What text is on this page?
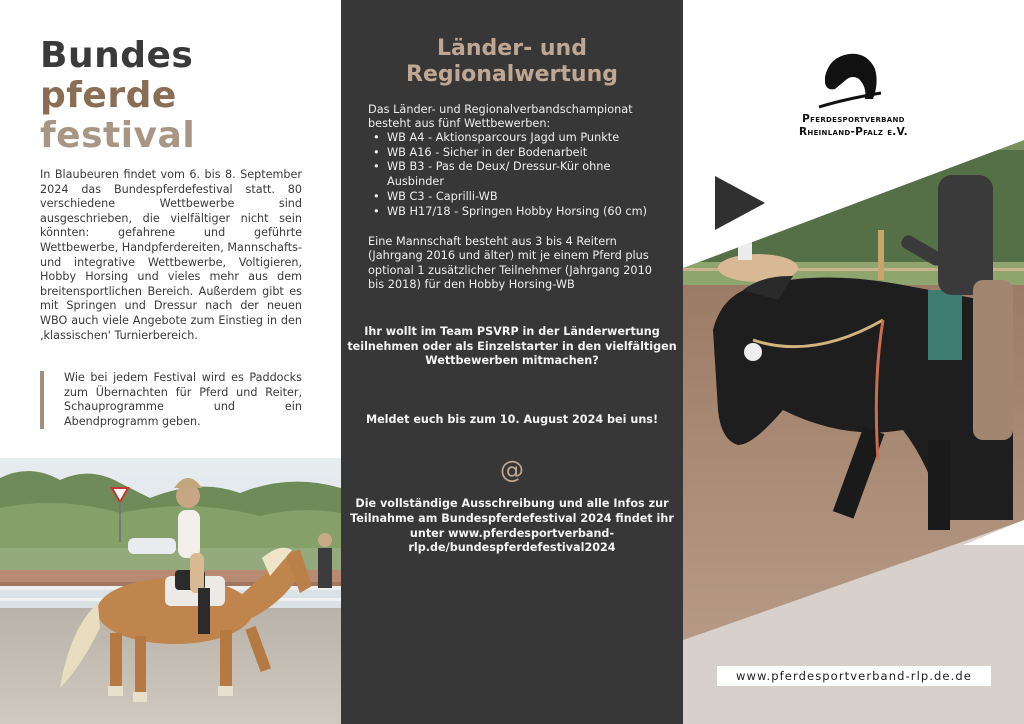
Bundes
pferde
festival

In Blaubeuren findet vom 6. bis 8. September 2024 das Bundespferdefestival statt. 80 verschiedene Wettbewerbe sind ausgeschrieben, die vielfältiger nicht sein könnten: gefahrene und geführte Wettbewerbe, Handpferdereiten, Mannschafts- und integrative Wettbewerbe, Voltigieren, Hobby Horsing und vieles mehr aus dem breitensportlichen Bereich. Außerdem gibt es mit Springen und Dressur nach der neuen WBO auch viele Angebote zum Einstieg in den ‚klassischen' Turnierbereich.

Wie bei jedem Festival wird es Paddocks zum Übernachten für Pferd und Reiter, Schauprogramme und ein Abendprogramm geben.

Länder- und
Regionalwertung

Das Länder- und Regionalverbandschampionat besteht aus fünf Wettbewerben:

• WB A4 - Aktionsparcours Jagd um Punkte
• WB A16 - Sicher in der Bodenarbeit
• WB B3 - Pas de Deux/ Dressur-Kür ohne Ausbinder
• WB C3 - Caprilli-WB
• WB H17/18 - Springen Hobby Horsing (60 cm)

Eine Mannschaft besteht aus 3 bis 4 Reitern (Jahrgang 2016 und älter) mit je einem Pferd plus optional 1 zusätzlicher Teilnehmer (Jahrgang 2010 bis 2018) für den Hobby Horsing-WB

Ihr wollt im Team PSVRP in der Länderwertung teilnehmen oder als Einzelstarter in den vielfältigen Wettbewerben mitmachen?

Meldet euch bis zum 10. August 2024 bei uns!

@

Die vollständige Ausschreibung und alle Infos zur Teilnahme am Bundespferdefestival 2024 findet ihr unter www.pferdesportverband-rlp.de/bundespferdefestival2024

Pferdesportverband
Rheinland-Pfalz e.V.
www.pferdesportverband-rlp.de.de
